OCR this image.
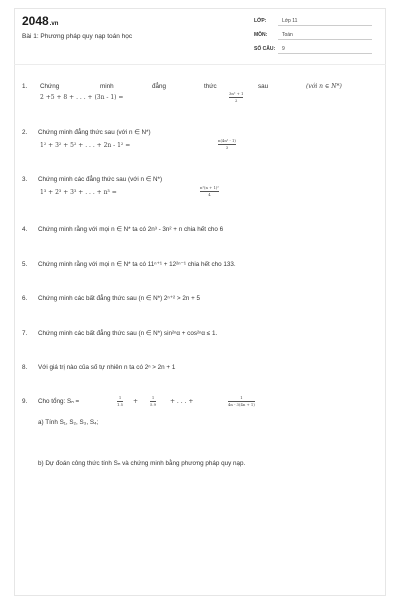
2048.vn
Bài 1: Phương pháp quy nạp toán học
LỚP:	Lớp 11
MÔN:	Toán
SỐ CÂU: 9
1. Chứng	minh	đẳng	thức	sau	(với n ∈ N*)
2 +5 + 8 + . . . + (3n - 1) =	$\frac{\text{3n² + 1}}{2}$
2. Chứng minh đẳng thức sau (với n ∈ N*)
1² + 3² + 5² + . . . + 2n - 1² =	$\frac{\text{n(4n² - 1)}}{3}$
3. Chứng minh các đẳng thức sau (với n ∈ N*)
1³ + 2³ + 3³ + . . . + n³ =	$\frac{\text{n²(n + 1)²}}{4}$
4. Chứng minh rằng với mọi n ∈ N* ta có 2n³ - 3n² + n chia hết cho 6
5. Chứng minh rằng với mọi n ∈ N* ta có 11ⁿ⁺¹ + 12²ⁿ⁻¹ chia hết cho 133.
6. Chứng minh các bất đẳng thức sau (n ∈ N*) 2ⁿ⁺² > 2n + 5
7. Chứng minh các bất đẳng thức sau (n ∈ N*) sin²ⁿα + cos²ⁿα ≤ 1.
8. Với giá trị nào của số tự nhiên n ta có 2ⁿ > 2n + 1
9. Cho tổng: Sₙ =	$\frac{1}{1.5}$ +	$\frac{1}{5.9}$ + . . . +	$\frac{1}{4n - 3(4n + 1)}$
a) Tính S₁, S₂, S₃, S₄;
b) Dự đoán công thức tính Sₙ và chứng minh bằng phương pháp quy nạp.
